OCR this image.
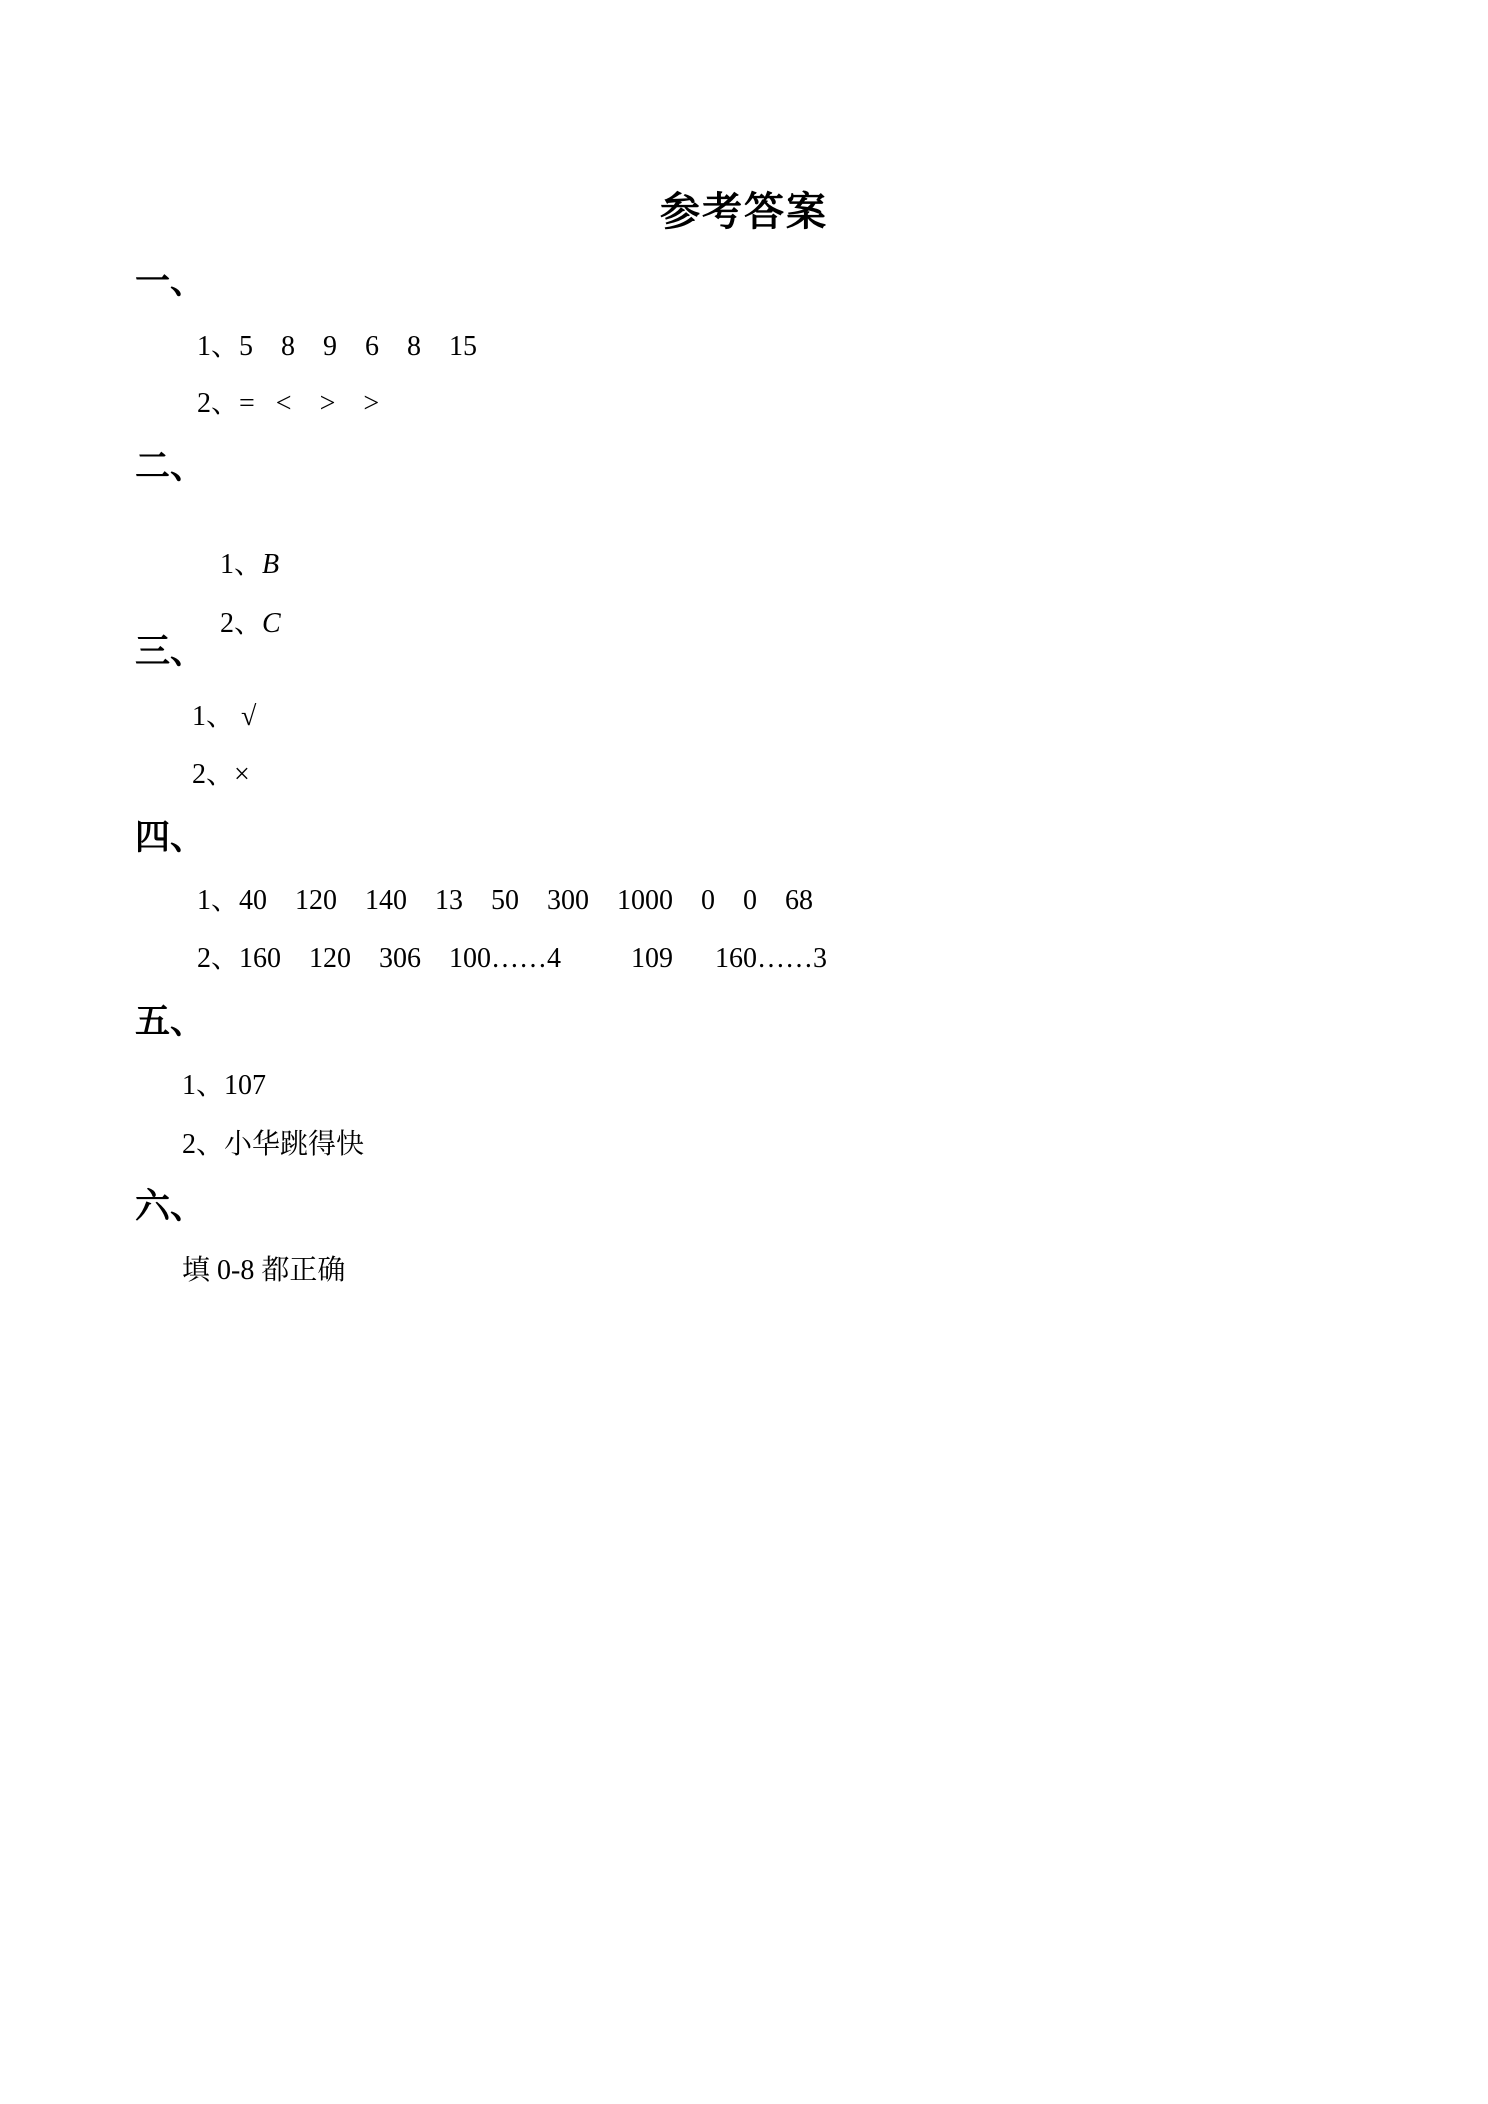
参考答案
一、
1、5    8    9    6    8    15
2、=   <    >    >
二、

1、B

2、C

三、
1、 √
2、×
四、
1、40    120    140    13    50    300    1000    0    0    68
2、160    120    306    100……4          109      160……3
五、
1、107
2、小华跳得快
六、
填 0-8 都正确
